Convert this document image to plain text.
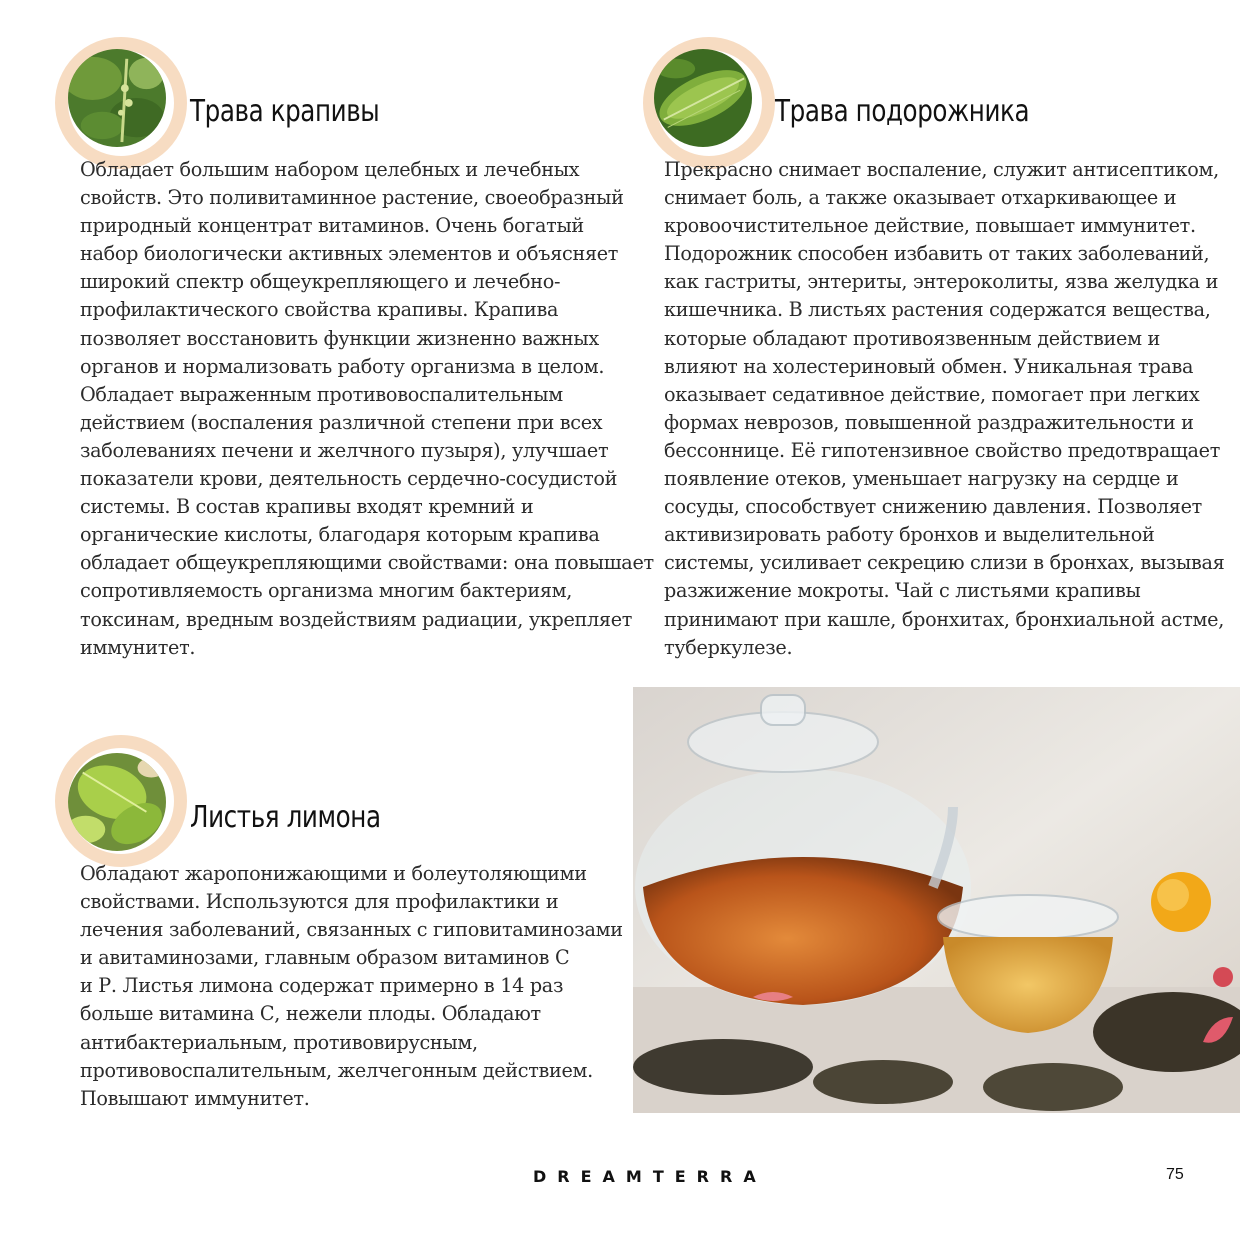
Трава крапивы
Обладает большим набором целебных и лечебных
свойств. Это поливитаминное растение, своеобразный
природный концентрат витаминов. Очень богатый
набор биологически активных элементов и объясняет
широкий спектр общеукрепляющего и лечебно-
профилактического свойства крапивы. Крапива
позволяет восстановить функции жизненно важных
органов и нормализовать работу организма в целом.
Обладает выраженным противовоспалительным
действием (воспаления различной степени при всех
заболеваниях печени и желчного пузыря), улучшает
показатели крови, деятельность сердечно-сосудистой
системы. В состав крапивы входят кремний и
органические кислоты, благодаря которым крапива
обладает общеукрепляющими свойствами: она повышает
сопротивляемость организма многим бактериям,
токсинам, вредным воздействиям радиации, укрепляет
иммунитет.
Трава подорожника
Прекрасно снимает воспаление, служит антисептиком,
снимает боль, а также оказывает отхаркивающее и
кровоочистительное действие, повышает иммунитет.
Подорожник способен избавить от таких заболеваний,
как гастриты, энтериты, энтероколиты, язва желудка и
кишечника. В листьях растения содержатся вещества,
которые обладают противоязвенным действием и
влияют на холестериновый обмен. Уникальная трава
оказывает седативное действие, помогает при легких
формах неврозов, повышенной раздражительности и
бессоннице. Её гипотензивное свойство предотвращает
появление отеков, уменьшает нагрузку на сердце и
сосуды, способствует снижению давления. Позволяет
активизировать работу бронхов и выделительной
системы, усиливает секрецию слизи в бронхах, вызывая
разжижение мокроты. Чай с листьями крапивы
принимают при кашле, бронхитах, бронхиальной астме,
туберкулезе.
Листья лимона
Обладают жаропонижающими и болеутоляющими
свойствами. Используются для профилактики и
лечения заболеваний, связанных с гиповитаминозами
и авитаминозами, главным образом витаминов С
и Р. Листья лимона содержат примерно в 14 раз
больше витамина С, нежели плоды. Обладают
антибактериальным, противовирусным,
противовоспалительным, желчегонным действием.
Повышают иммунитет.
DREAMTERRA	75
